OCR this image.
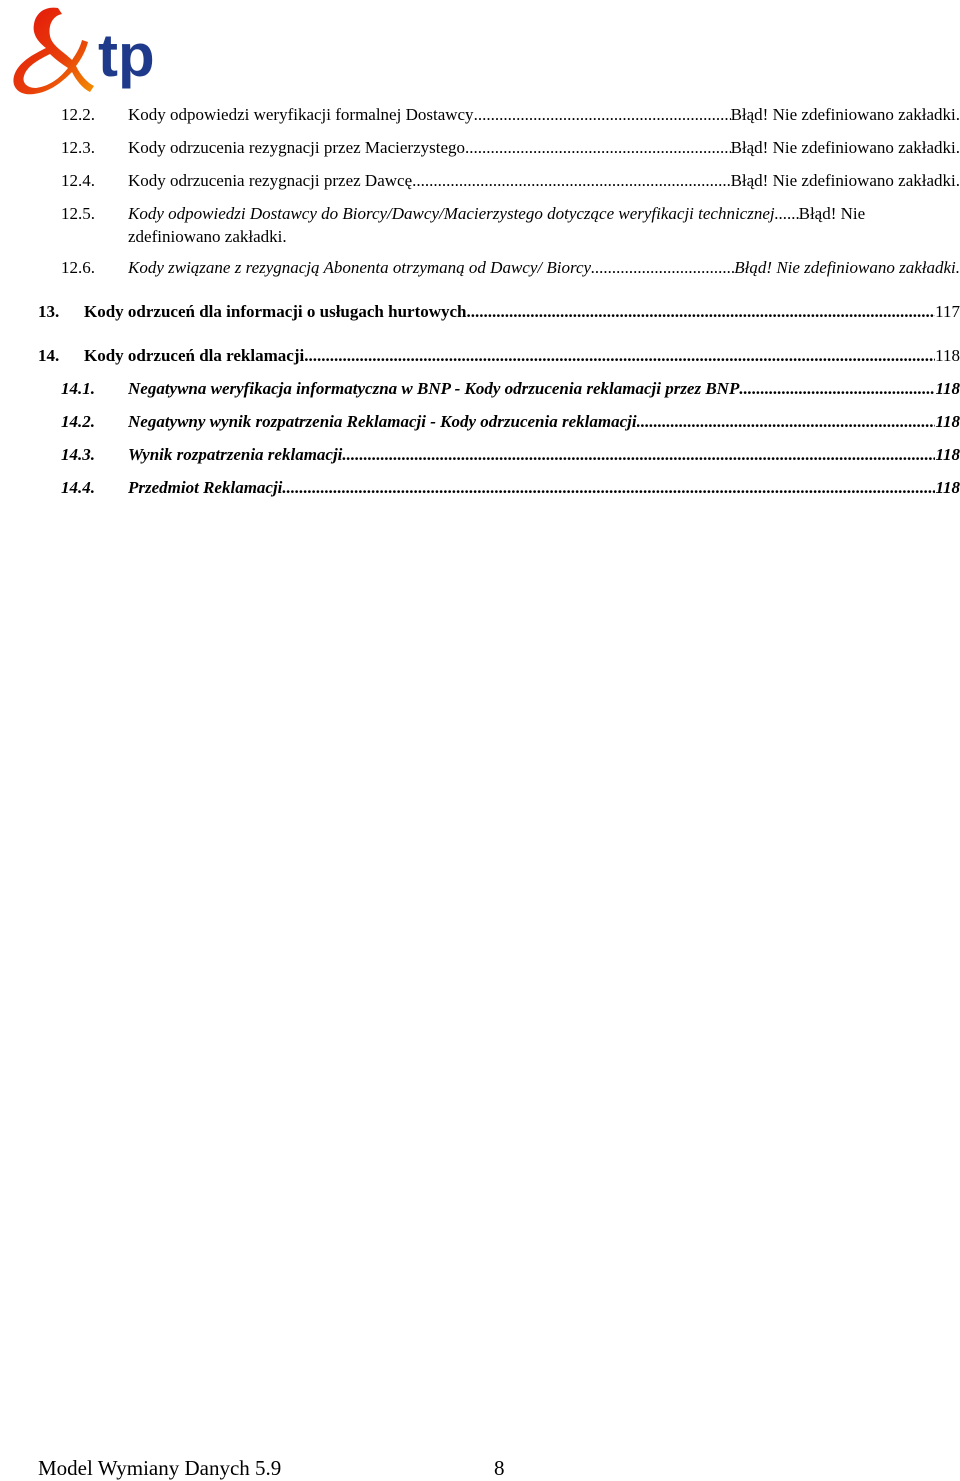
tp
12.2. Kody odpowiedzi weryfikacji formalnej Dostawcy .....	Błąd! Nie zdefiniowano zakładki.
12.3. Kody odrzucenia rezygnacji przez Macierzystego .....	Błąd! Nie zdefiniowano zakładki.
12.4. Kody odrzucenia rezygnacji przez Dawcę .....	Błąd! Nie zdefiniowano zakładki.
12.5. Kody odpowiedzi Dostawcy do Biorcy/Dawcy/Macierzystego dotyczące weryfikacji technicznej ..... Błąd! Nie
zdefiniowano zakładki.
12.6. Kody związane z rezygnacją Abonenta otrzymaną od Dawcy/ Biorcy .....	Błąd! Nie zdefiniowano zakładki.
13. Kody odrzuceń dla informacji o usługach hurtowych .....	117
14. Kody odrzuceń dla reklamacji .....	118
14.1. Negatywna weryfikacja informatyczna w BNP - Kody odrzucenia reklamacji przez BNP .....	118
14.2. Negatywny wynik rozpatrzenia Reklamacji - Kody odrzucenia reklamacji .....	118
14.3. Wynik rozpatrzenia reklamacji .....	118
14.4. Przedmiot Reklamacji .....	118
Model Wymiany Danych 5.9	8
